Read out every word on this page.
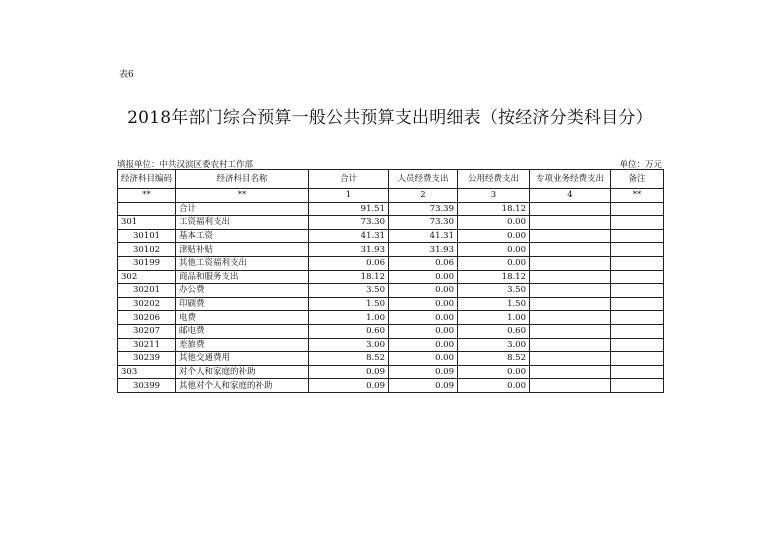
表6
2018年部门综合预算一般公共预算支出明细表（按经济分类科目分）
填报单位：中共汉滨区委农村工作部	单位：万元
经济科目编码	经济科目名称	合计	人员经费支出	公用经费支出	专项业务经费支出	备注
**	**	1	2	3	4	**
	合计	91.51	73.39	18.12		
301	工资福利支出	73.30	73.30	0.00		
30101	基本工资	41.31	41.31	0.00		
30102	津贴补贴	31.93	31.93	0.00		
30199	其他工资福利支出	0.06	0.06	0.00		
302	商品和服务支出	18.12	0.00	18.12		
30201	办公费	3.50	0.00	3.50		
30202	印刷费	1.50	0.00	1.50		
30206	电费	1.00	0.00	1.00		
30207	邮电费	0.60	0.00	0.60		
30211	差旅费	3.00	0.00	3.00		
30239	其他交通费用	8.52	0.00	8.52		
303	对个人和家庭的补助	0.09	0.09	0.00		
30399	其他对个人和家庭的补助	0.09	0.09	0.00		
